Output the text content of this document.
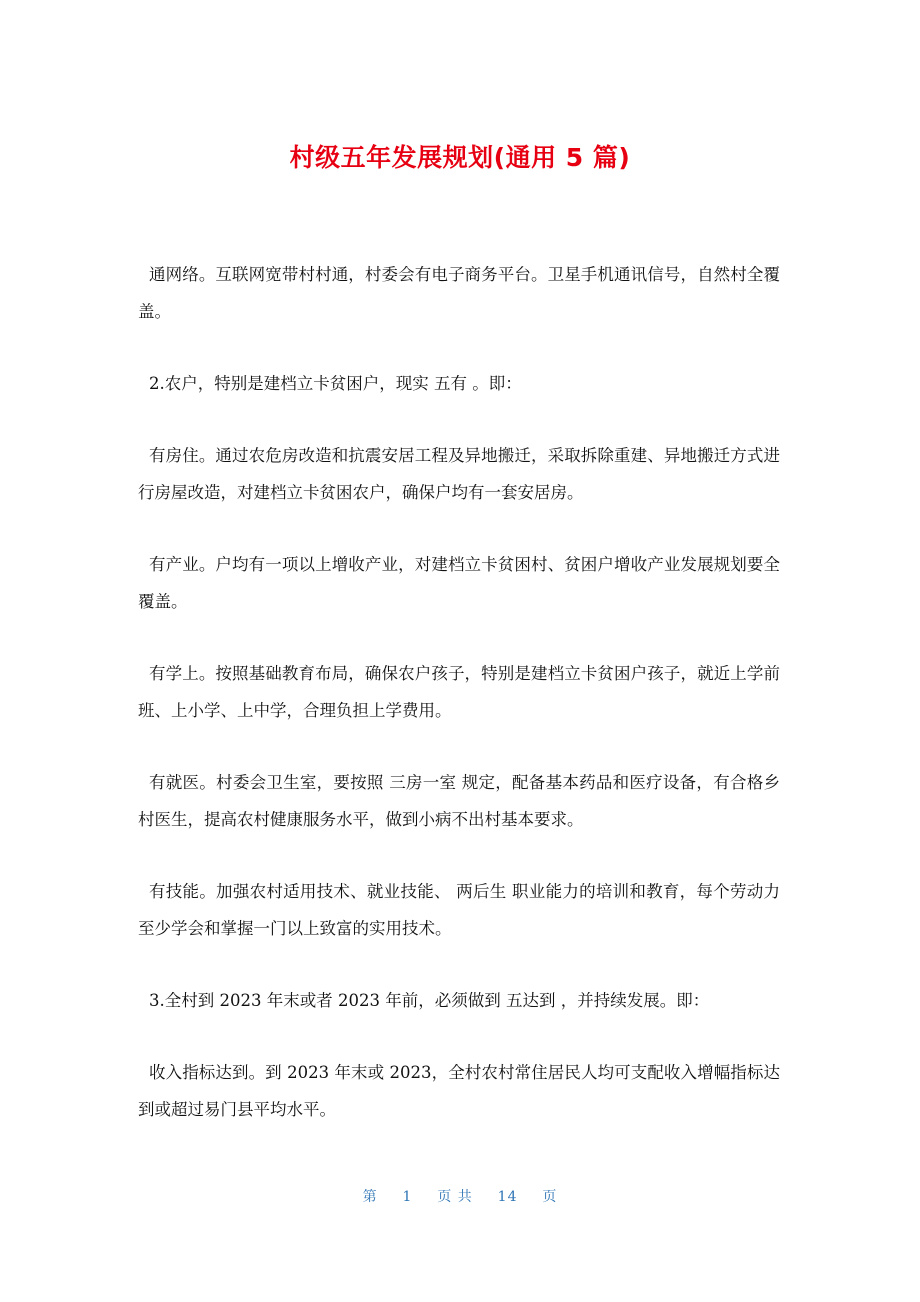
村级五年发展规划(通用 5 篇)

通网络。互联网宽带村村通，村委会有电子商务平台。卫星手机通讯信号，自然村全覆盖。

2.农户，特别是建档立卡贫困户，现实 五有 。即：

有房住。通过农危房改造和抗震安居工程及异地搬迁，采取拆除重建、异地搬迁方式进行房屋改造，对建档立卡贫困农户，确保户均有一套安居房。

有产业。户均有一项以上增收产业，对建档立卡贫困村、贫困户增收产业发展规划要全覆盖。

有学上。按照基础教育布局，确保农户孩子，特别是建档立卡贫困户孩子，就近上学前班、上小学、上中学，合理负担上学费用。

有就医。村委会卫生室，要按照 三房一室 规定，配备基本药品和医疗设备，有合格乡村医生，提高农村健康服务水平，做到小病不出村基本要求。

有技能。加强农村适用技术、就业技能、 两后生 职业能力的培训和教育，每个劳动力至少学会和掌握一门以上致富的实用技术。

3.全村到 2023 年末或者 2023 年前，必须做到 五达到 ，并持续发展。即：

收入指标达到。到 2023 年末或 2023，全村农村常住居民人均可支配收入增幅指标达到或超过易门县平均水平。

第 1 页 共 14 页
